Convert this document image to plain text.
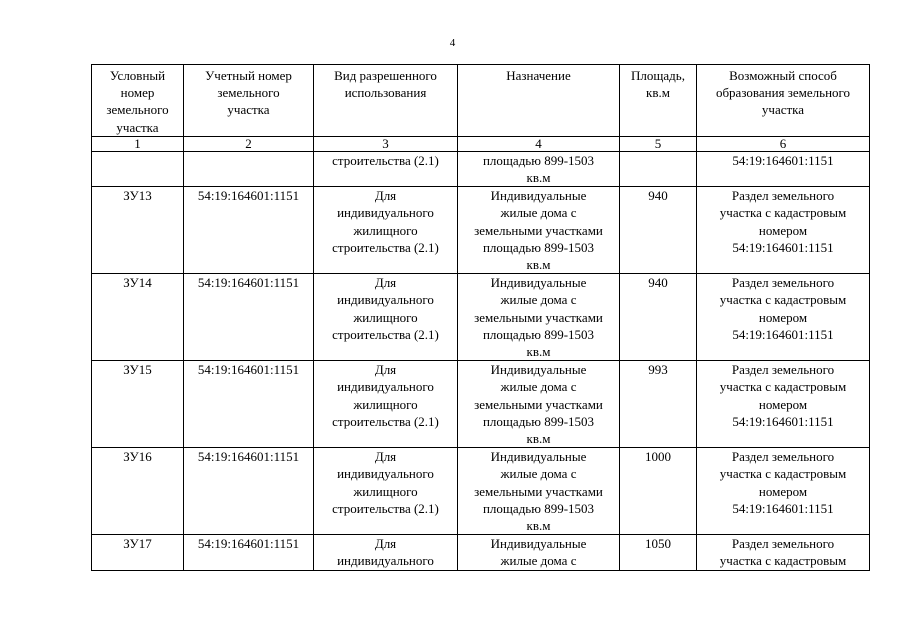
4
Условный
номер
земельного
участка	Учетный номер
земельного
участка	Вид разрешенного
использования	Назначение	Площадь,
кв.м	Возможный способ
образования земельного
участка

1	2	3	4	5	6

		строительства (2.1)	площадью 899-1503
кв.м		54:19:164601:1151

ЗУ13	54:19:164601:1151	Для
индивидуального
жилищного
строительства (2.1)	Индивидуальные
жилые дома с
земельными участками
площадью 899-1503
кв.м	940	Раздел земельного
участка с кадастровым
номером
54:19:164601:1151

ЗУ14	54:19:164601:1151	Для
индивидуального
жилищного
строительства (2.1)	Индивидуальные
жилые дома с
земельными участками
площадью 899-1503
кв.м	940	Раздел земельного
участка с кадастровым
номером
54:19:164601:1151

ЗУ15	54:19:164601:1151	Для
индивидуального
жилищного
строительства (2.1)	Индивидуальные
жилые дома с
земельными участками
площадью 899-1503
кв.м	993	Раздел земельного
участка с кадастровым
номером
54:19:164601:1151

ЗУ16	54:19:164601:1151	Для
индивидуального
жилищного
строительства (2.1)	Индивидуальные
жилые дома с
земельными участками
площадью 899-1503
кв.м	1000	Раздел земельного
участка с кадастровым
номером
54:19:164601:1151

ЗУ17	54:19:164601:1151	Для
индивидуального	Индивидуальные
жилые дома с	1050	Раздел земельного
участка с кадастровым
